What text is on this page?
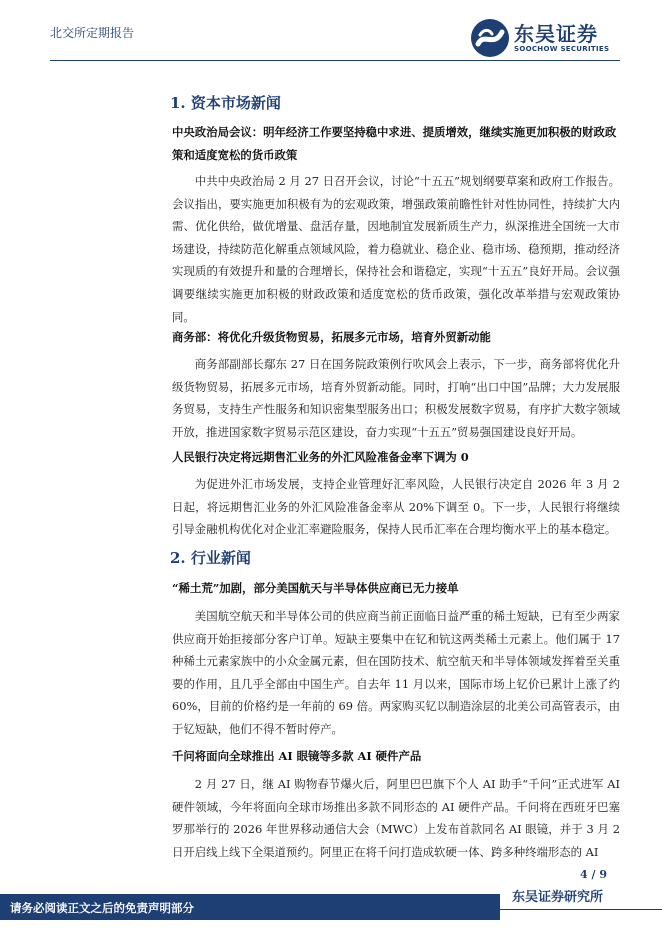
北交所定期报告	东吴证券
SOOCHOW SECURITIES
1. 资本市场新闻
中央政治局会议：明年经济工作要坚持稳中求进、提质增效，继续实施更加积极的财政政策和适度宽松的货币政策

中共中央政治局 2 月 27 日召开会议，讨论“十五五”规划纲要草案和政府工作报告。会议指出，要实施更加积极有为的宏观政策，增强政策前瞻性针对性协同性，持续扩大内需、优化供给，做优增量、盘活存量，因地制宜发展新质生产力，纵深推进全国统一大市场建设，持续防范化解重点领域风险，着力稳就业、稳企业、稳市场、稳预期，推动经济实现质的有效提升和量的合理增长，保持社会和谐稳定，实现“十五五”良好开局。会议强调要继续实施更加积极的财政政策和适度宽松的货币政策，强化改革举措与宏观政策协同。

商务部：将优化升级货物贸易，拓展多元市场，培育外贸新动能

商务部副部长鄢东 27 日在国务院政策例行吹风会上表示，下一步，商务部将优化升级货物贸易，拓展多元市场，培育外贸新动能。同时，打响“出口中国”品牌；大力发展服务贸易，支持生产性服务和知识密集型服务出口；积极发展数字贸易，有序扩大数字领域开放，推进国家数字贸易示范区建设，奋力实现“十五五”贸易强国建设良好开局。

人民银行决定将远期售汇业务的外汇风险准备金率下调为 0

为促进外汇市场发展，支持企业管理好汇率风险，人民银行决定自 2026 年 3 月 2 日起，将远期售汇业务的外汇风险准备金率从 20%下调至 0。下一步，人民银行将继续引导金融机构优化对企业汇率避险服务，保持人民币汇率在合理均衡水平上的基本稳定。

2. 行业新闻
“稀土荒”加剧，部分美国航天与半导体供应商已无力接单

美国航空航天和半导体公司的供应商当前正面临日益严重的稀土短缺，已有至少两家供应商开始拒接部分客户订单。短缺主要集中在钇和钪这两类稀土元素上。他们属于 17 种稀土元素家族中的小众金属元素，但在国防技术、航空航天和半导体领域发挥着至关重要的作用，且几乎全部由中国生产。自去年 11 月以来，国际市场上钇价已累计上涨了约 60%，目前的价格约是一年前的 69 倍。两家购买钇以制造涂层的北美公司高管表示，由于钇短缺，他们不得不暂时停产。

千问将面向全球推出 AI 眼镜等多款 AI 硬件产品

2 月 27 日，继 AI 购物春节爆火后，阿里巴巴旗下个人 AI 助手“千问”正式进军 AI 硬件领域，今年将面向全球市场推出多款不同形态的 AI 硬件产品。千问将在西班牙巴塞罗那举行的 2026 年世界移动通信大会（MWC）上发布首款同名 AI 眼镜，并于 3 月 2 日开启线上线下全渠道预约。阿里正在将千问打造成软硬一体、跨多种终端形态的 AI

4 / 9
东吴证券研究所
请务必阅读正文之后的免责声明部分
